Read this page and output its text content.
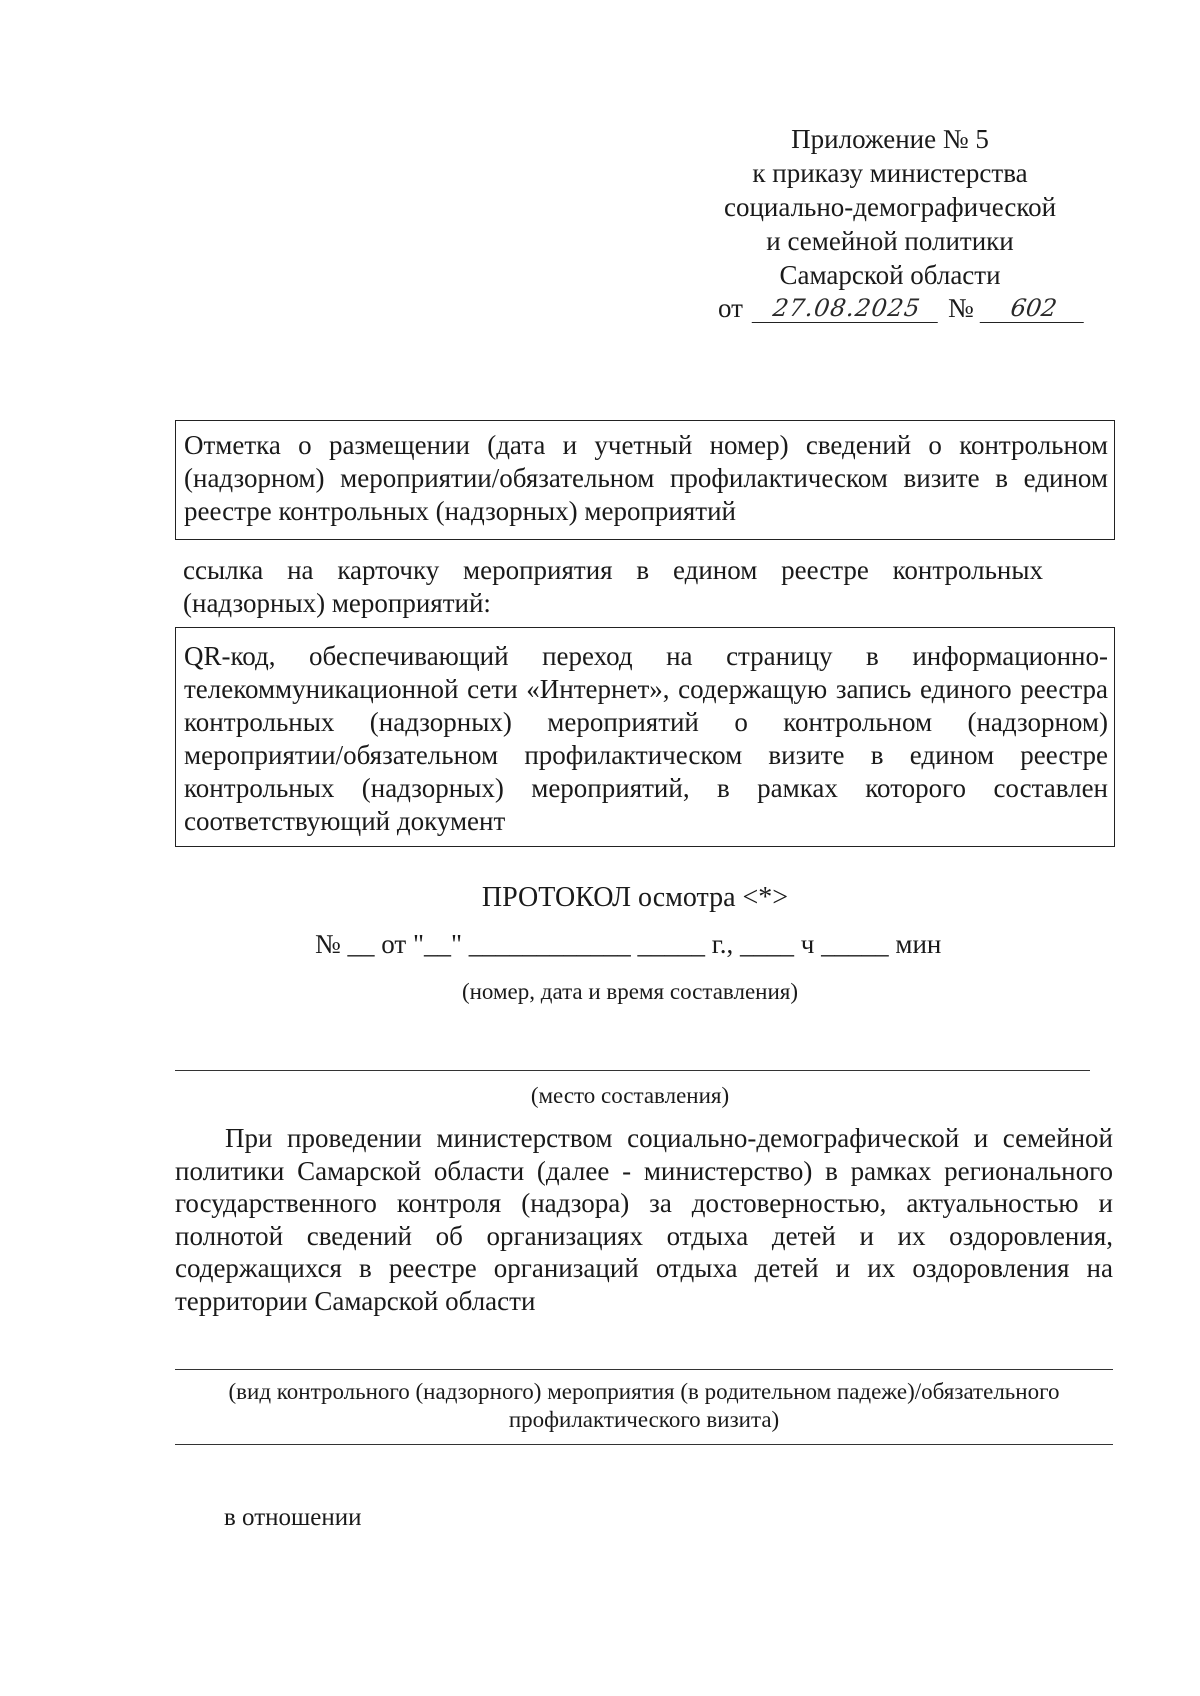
Приложение № 5
к приказу министерства
социально-демографической
и семейной политики
Самарской области
от	27.08.2025 №	602
Отметка о размещении (дата и учетный номер) сведений о контрольном (надзорном) мероприятии/обязательном профилактическом визите в едином реестре контрольных (надзорных) мероприятий
ссылка на карточку мероприятия в едином реестре контрольных
(надзорных) мероприятий:
QR-код, обеспечивающий переход на страницу в информационно-телекоммуникационной сети «Интернет», содержащую запись единого реестра контрольных (надзорных) мероприятий о контрольном (надзорном) мероприятии/обязательном профилактическом визите в едином реестре контрольных (надзорных) мероприятий, в рамках которого составлен соответствующий документ
ПРОТОКОЛ осмотра <*>
№ __ от "__" ____________ _____ г., ____ ч _____ мин
(номер, дата и время составления)
(место составления)
При проведении министерством социально-демографической и семейной политики Самарской области (далее - министерство) в рамках регионального государственного контроля (надзора) за достоверностью, актуальностью и полнотой сведений об организациях отдыха детей и их оздоровления, содержащихся в реестре организаций отдыха детей и их оздоровления на территории Самарской области
(вид контрольного (надзорного) мероприятия (в родительном падеже)/обязательного профилактического визита)
в отношении
